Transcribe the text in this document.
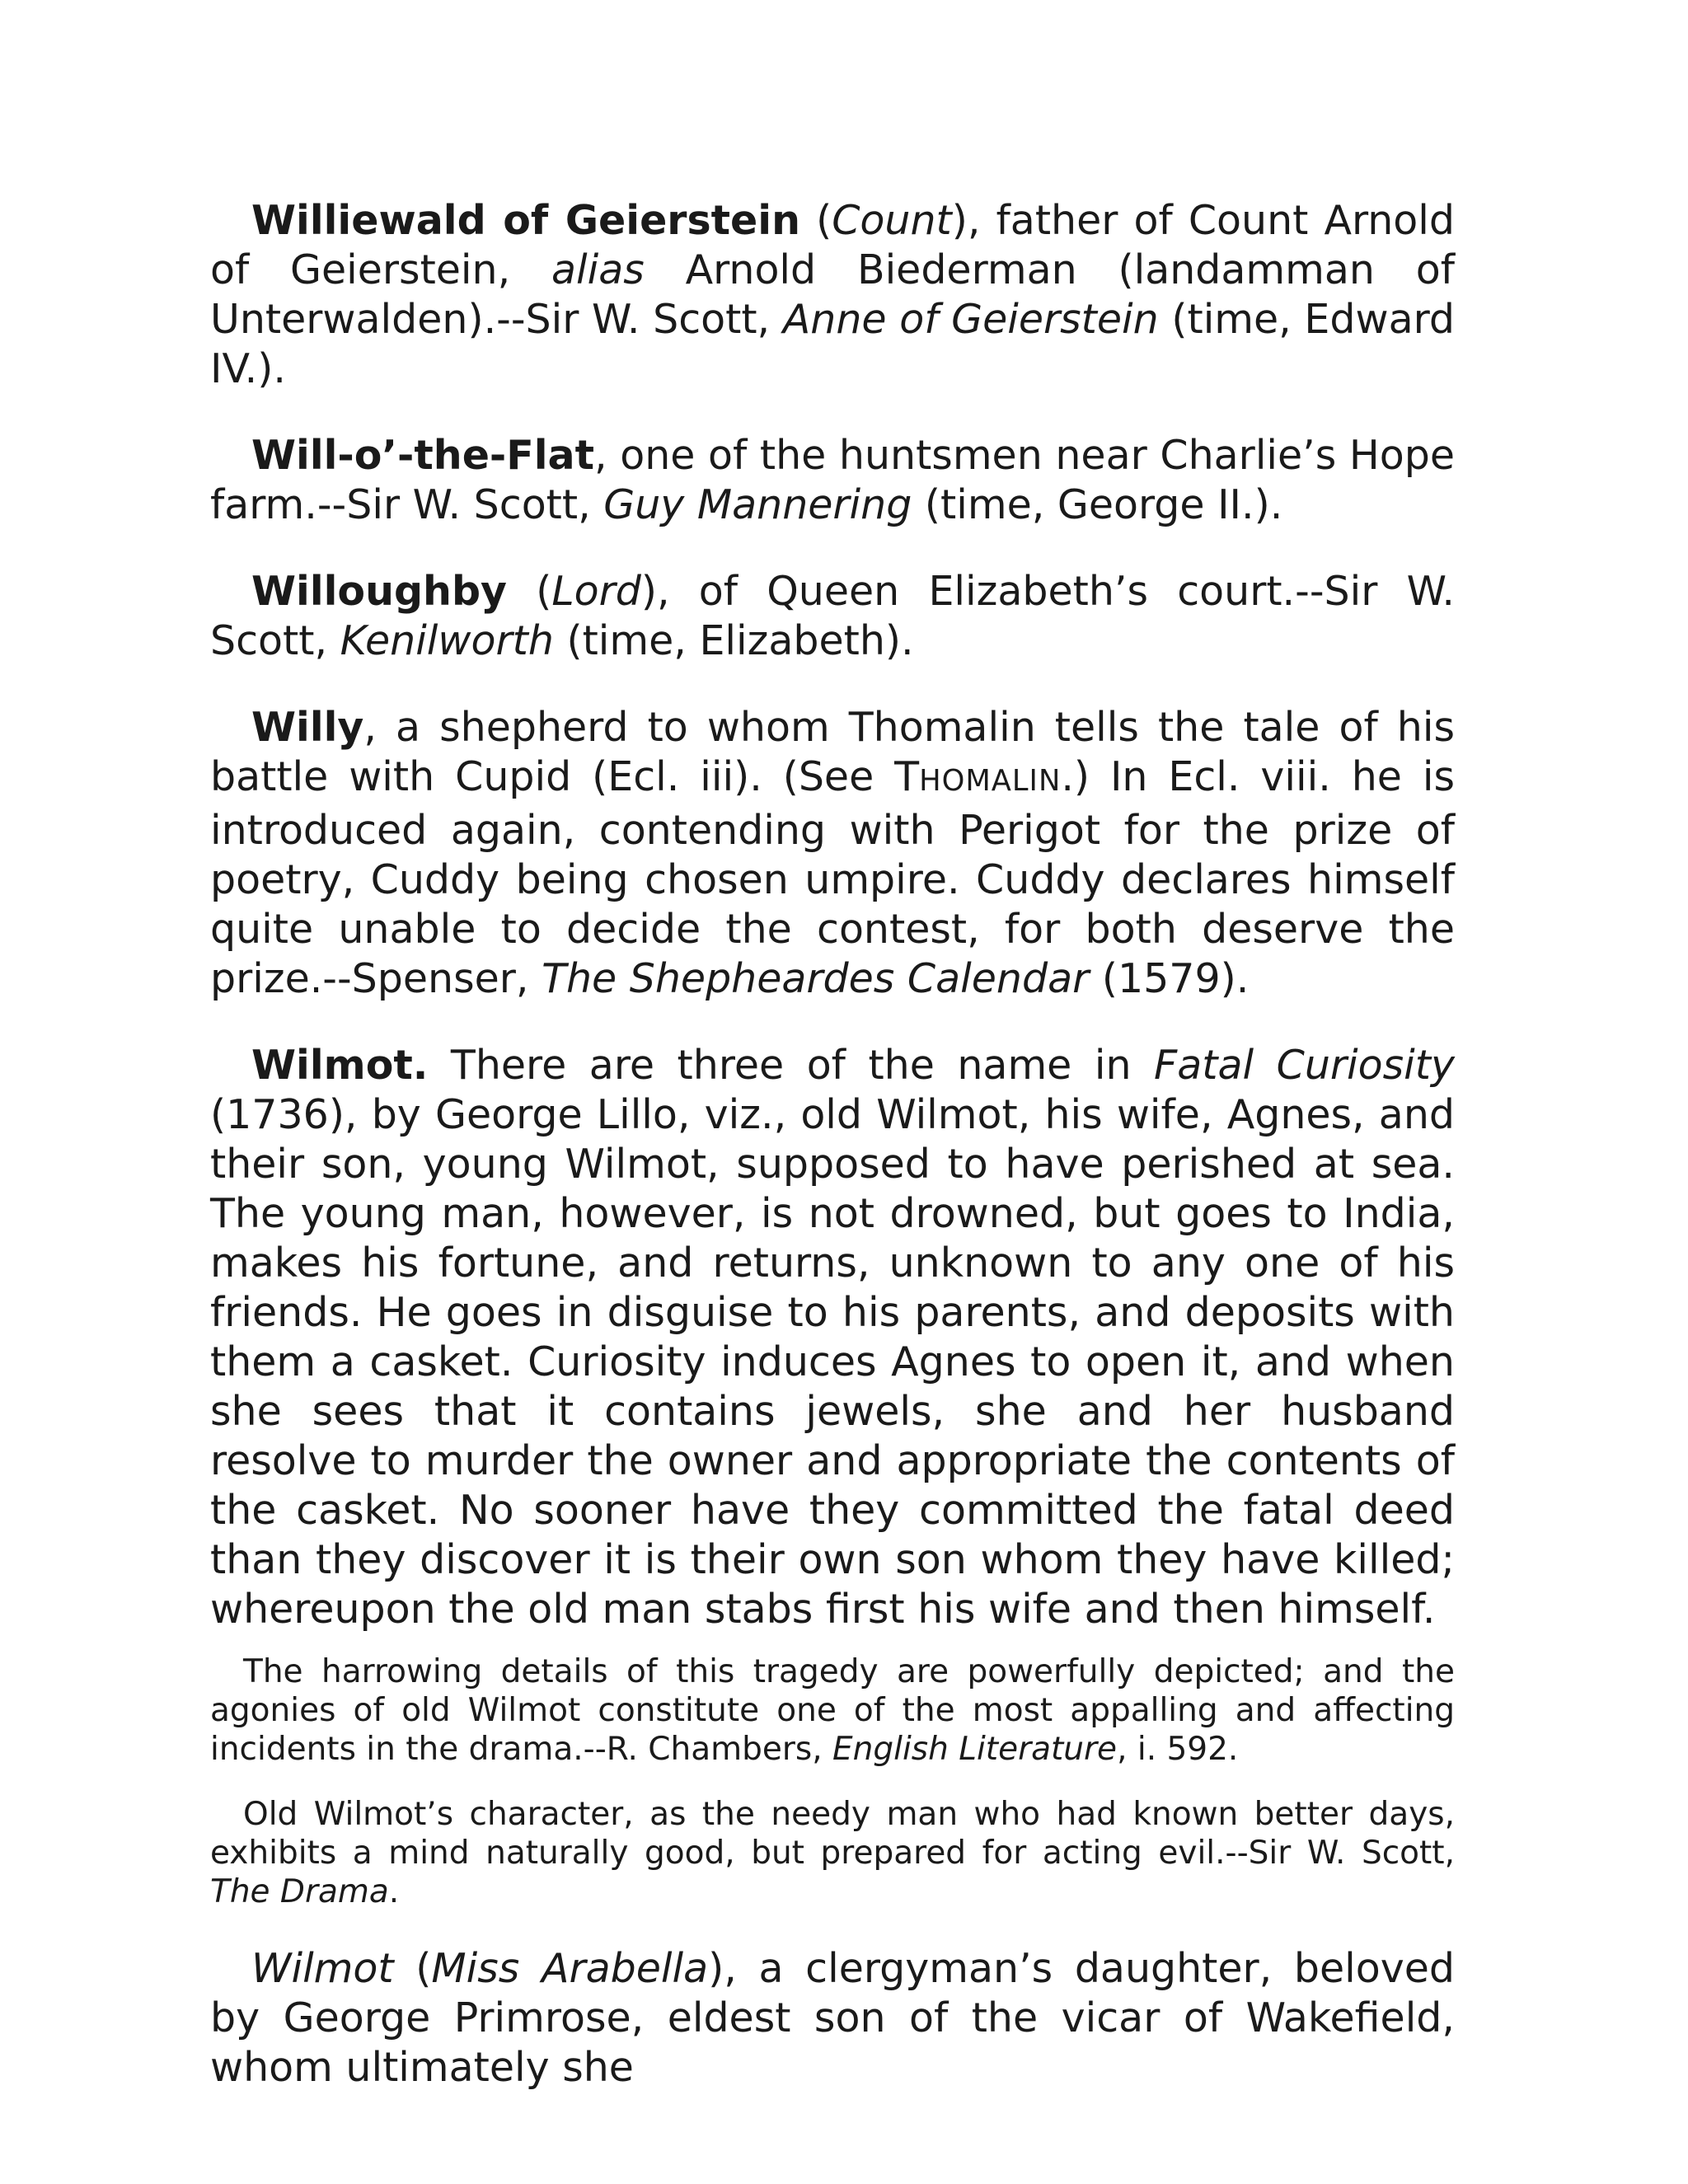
Williewald of Geierstein (Count), father of Count Arnold of Geierstein, alias Arnold Biederman (landamman of Unterwalden).--Sir W. Scott, Anne of Geierstein (time, Edward IV.).

Will-o’-the-Flat, one of the huntsmen near Charlie’s Hope farm.--Sir W. Scott, Guy Mannering (time, George II.).

Willoughby (Lord), of Queen Elizabeth’s court.--Sir W. Scott, Kenilworth (time, Elizabeth).

Willy, a shepherd to whom Thomalin tells the tale of his battle with Cupid (Ecl. iii). (See THOMALIN.) In Ecl. viii. he is introduced again, contending with Perigot for the prize of poetry, Cuddy being chosen umpire. Cuddy declares himself quite unable to decide the contest, for both deserve the prize.--Spenser, The Shepheardes Calendar (1579).

Wilmot. There are three of the name in Fatal Curiosity (1736), by George Lillo, viz., old Wilmot, his wife, Agnes, and their son, young Wilmot, supposed to have perished at sea. The young man, however, is not drowned, but goes to India, makes his fortune, and returns, unknown to any one of his friends. He goes in disguise to his parents, and deposits with them a casket. Curiosity induces Agnes to open it, and when she sees that it contains jewels, she and her husband resolve to murder the owner and appropriate the contents of the casket. No sooner have they committed the fatal deed than they discover it is their own son whom they have killed; whereupon the old man stabs first his wife and then himself.

The harrowing details of this tragedy are powerfully depicted; and the agonies of old Wilmot constitute one of the most appalling and affecting incidents in the drama.--R. Chambers, English Literature, i. 592.

Old Wilmot’s character, as the needy man who had known better days, exhibits a mind naturally good, but prepared for acting evil.--Sir W. Scott, The Drama.

Wilmot (Miss Arabella), a clergyman’s daughter, beloved by George Primrose, eldest son of the vicar of Wakefield, whom ultimately she
